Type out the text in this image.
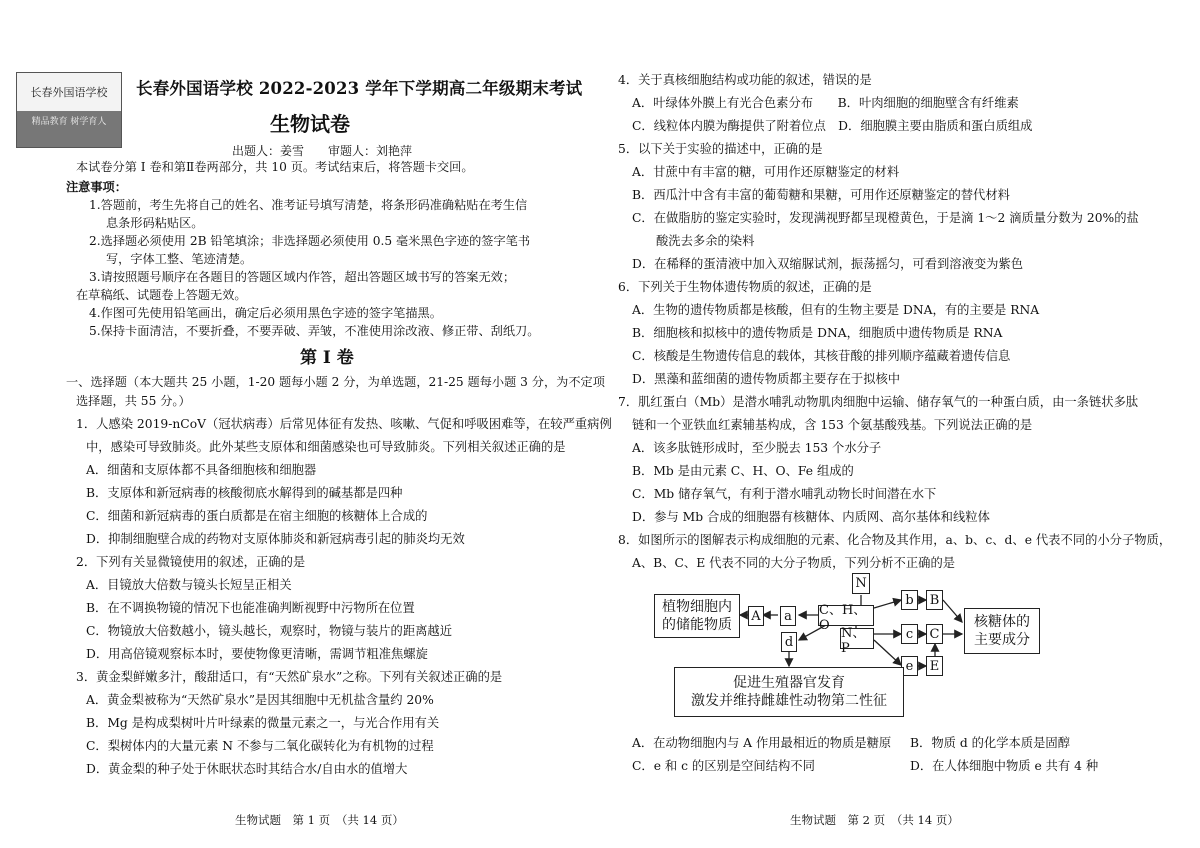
长春外国语学校
精品教育 树学育人
长春外国语学校 2022-2023 学年下学期高二年级期末考试
生物试卷
出题人：姜雪　　审题人：刘艳萍
本试卷分第 I 卷和第Ⅱ卷两部分，共 10 页。考试结束后，将答题卡交回。
注意事项：
1.答题前，考生先将自己的姓名、准考证号填写清楚，将条形码准确粘贴在考生信
息条形码粘贴区。
2.选择题必须使用 2B 铅笔填涂；非选择题必须使用 0.5 毫米黑色字迹的签字笔书
写，字体工整、笔迹清楚。
3.请按照题号顺序在各题目的答题区域内作答，超出答题区域书写的答案无效；
在草稿纸、试题卷上答题无效。
4.作图可先使用铅笔画出，确定后必须用黑色字迹的签字笔描黑。
5.保持卡面清洁，不要折叠，不要弄破、弄皱，不准使用涂改液、修正带、刮纸刀。
第 I 卷
一、选择题（本大题共 25 小题，1-20 题每小题 2 分，为单选题，21-25 题每小题 3 分，为不定项
选择题，共 55 分。）
1．人感染 2019-nCoV（冠状病毒）后常见体征有发热、咳嗽、气促和呼吸困难等，在较严重病例
中，感染可导致肺炎。此外某些支原体和细菌感染也可导致肺炎。下列相关叙述正确的是
A．细菌和支原体都不具备细胞核和细胞器
B．支原体和新冠病毒的核酸彻底水解得到的碱基都是四种
C．细菌和新冠病毒的蛋白质都是在宿主细胞的核糖体上合成的
D．抑制细胞壁合成的药物对支原体肺炎和新冠病毒引起的肺炎均无效
2．下列有关显微镜使用的叙述，正确的是
A．目镜放大倍数与镜头长短呈正相关
B．在不调换物镜的情况下也能准确判断视野中污物所在位置
C．物镜放大倍数越小，镜头越长，观察时，物镜与装片的距离越近
D．用高倍镜观察标本时，要使物像更清晰，需调节粗准焦螺旋
3．黄金梨鲜嫩多汁，酸甜适口，有“天然矿泉水”之称。下列有关叙述正确的是
A．黄金梨被称为“天然矿泉水”是因其细胞中无机盐含量约 20%
B．Mg 是构成梨树叶片叶绿素的微量元素之一，与光合作用有关
C．梨树体内的大量元素 N 不参与二氧化碳转化为有机物的过程
D．黄金梨的种子处于休眠状态时其结合水/自由水的值增大
生物试题　第 1 页　（共 14 页）
4．关于真核细胞结构或功能的叙述，错误的是
A．叶绿体外膜上有光合色素分布　　B．叶肉细胞的细胞壁含有纤维素
C．线粒体内膜为酶提供了附着位点　D．细胞膜主要由脂质和蛋白质组成
5．以下关于实验的描述中，正确的是
A．甘蔗中有丰富的糖，可用作还原糖鉴定的材料
B．西瓜汁中含有丰富的葡萄糖和果糖，可用作还原糖鉴定的替代材料
C．在做脂肪的鉴定实验时，发现满视野都呈现橙黄色，于是滴 1～2 滴质量分数为 20%的盐
酸洗去多余的染料
D．在稀释的蛋清液中加入双缩脲试剂，振荡摇匀，可看到溶液变为紫色
6．下列关于生物体遗传物质的叙述，正确的是
A．生物的遗传物质都是核酸，但有的生物主要是 DNA，有的主要是 RNA
B．细胞核和拟核中的遗传物质是 DNA，细胞质中遗传物质是 RNA
C．核酸是生物遗传信息的载体，其核苷酸的排列顺序蕴藏着遗传信息
D．黑藻和蓝细菌的遗传物质都主要存在于拟核中
7．肌红蛋白（Mb）是潜水哺乳动物肌肉细胞中运输、储存氧气的一种蛋白质，由一条链状多肽
链和一个亚铁血红素辅基构成，含 153 个氨基酸残基。下列说法正确的是
A．该多肽链形成时，至少脱去 153 个水分子
B．Mb 是由元素 C、H、O、Fe 组成的
C．Mb 储存氧气，有利于潜水哺乳动物长时间潜在水下
D．参与 Mb 合成的细胞器有核糖体、内质网、高尔基体和线粒体
8．如图所示的图解表示构成细胞的元素、化合物及其作用，a、b、c、d、e 代表不同的小分子物质，
A、B、C、E 代表不同的大分子物质，下列分析不正确的是
植物细胞内
的储能物质
A	a	C、H、O
N
N、P
b	B
c	C
e	E
d
核糖体的
主要成分
促进生殖器官发育
激发并维持雌雄性动物第二性征
A．在动物细胞内与 A 作用最相近的物质是糖原 B．物质 d 的化学本质是固醇
C．e 和 c 的区别是空间结构不同	D．在人体细胞中物质 e 共有 4 种
生物试题　第 2 页　（共 14 页）
